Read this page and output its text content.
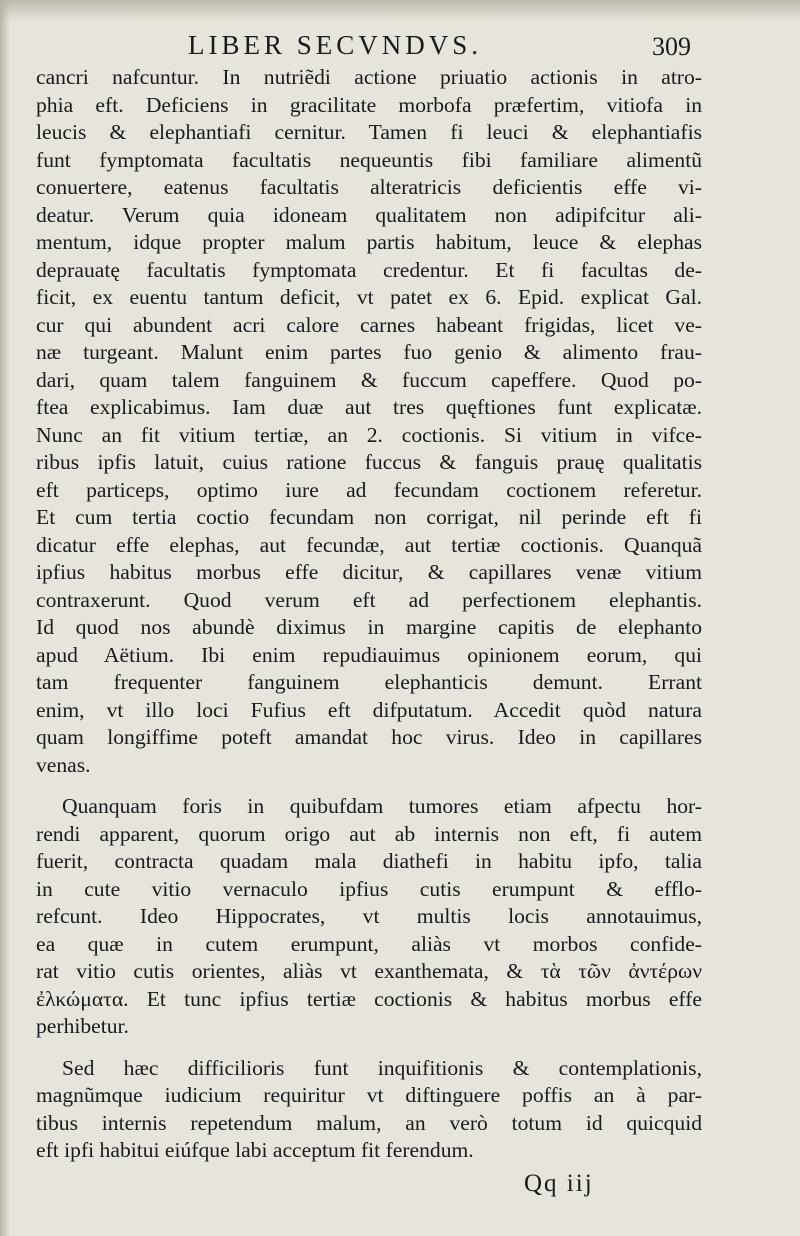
LIBER SECVNDVS.	309
cancri nafcuntur. In nutriẽdi actione priuatio actionis in atro-
phia eft. Deficiens in gracilitate morbofa præfertim, vitiofa in
leucis & elephantiafi cernitur. Tamen fi leuci & elephantiafis
funt fymptomata facultatis nequeuntis fibi familiare alimentũ
conuertere, eatenus facultatis alteratricis deficientis effe vi-
deatur. Verum quia idoneam qualitatem non adipifcitur ali-
mentum, idque propter malum partis habitum, leuce & elephas
deprauatę facultatis fymptomata credentur. Et fi facultas de-
ficit, ex euentu tantum deficit, vt patet ex 6. Epid. explicat Gal.
cur qui abundent acri calore carnes habeant frigidas, licet ve-
næ turgeant. Malunt enim partes fuo genio & alimento frau-
dari, quam talem fanguinem & fuccum capeffere. Quod po-
ftea explicabimus. Iam duæ aut tres quęftiones funt explicatæ.
Nunc an fit vitium tertiæ, an 2. coctionis. Si vitium in vifce-
ribus ipfis latuit, cuius ratione fuccus & fanguis prauę qualitatis
eft particeps, optimo iure ad fecundam coctionem referetur.
Et cum tertia coctio fecundam non corrigat, nil perinde eft fi
dicatur effe elephas, aut fecundæ, aut tertiæ coctionis. Quanquã
ipfius habitus morbus effe dicitur, & capillares venæ vitium
contraxerunt. Quod verum eft ad perfectionem elephantis.
Id quod nos abundè diximus in margine capitis de elephanto
apud Aëtium. Ibi enim repudiauimus opinionem eorum, qui
tam frequenter fanguinem elephanticis demunt. Errant
enim, vt illo loci Fufius eft difputatum. Accedit quòd natura
quam longiffime poteft amandat hoc virus. Ideo in capillares
venas.
Quanquam foris in quibufdam tumores etiam afpectu hor-
rendi apparent, quorum origo aut ab internis non eft, fi autem
fuerit, contracta quadam mala diathefi in habitu ipfo, talia
in cute vitio vernaculo ipfius cutis erumpunt & efflo-
refcunt. Ideo Hippocrates, vt multis locis annotauimus,
ea quæ in cutem erumpunt, aliàs vt morbos confide-
rat vitio cutis orientes, aliàs vt exanthemata, & τὰ τῶν ἀντέρων
ἐλκώματα. Et tunc ipfius tertiæ coctionis & habitus morbus effe
perhibetur.
Sed hæc difficilioris funt inquifitionis & contemplationis,
magnũmque iudicium requiritur vt diftinguere poffis an à par-
tibus internis repetendum malum, an verò totum id quicquid
eft ipfi habitui eiúfque labi acceptum fit ferendum.
Qq iij
